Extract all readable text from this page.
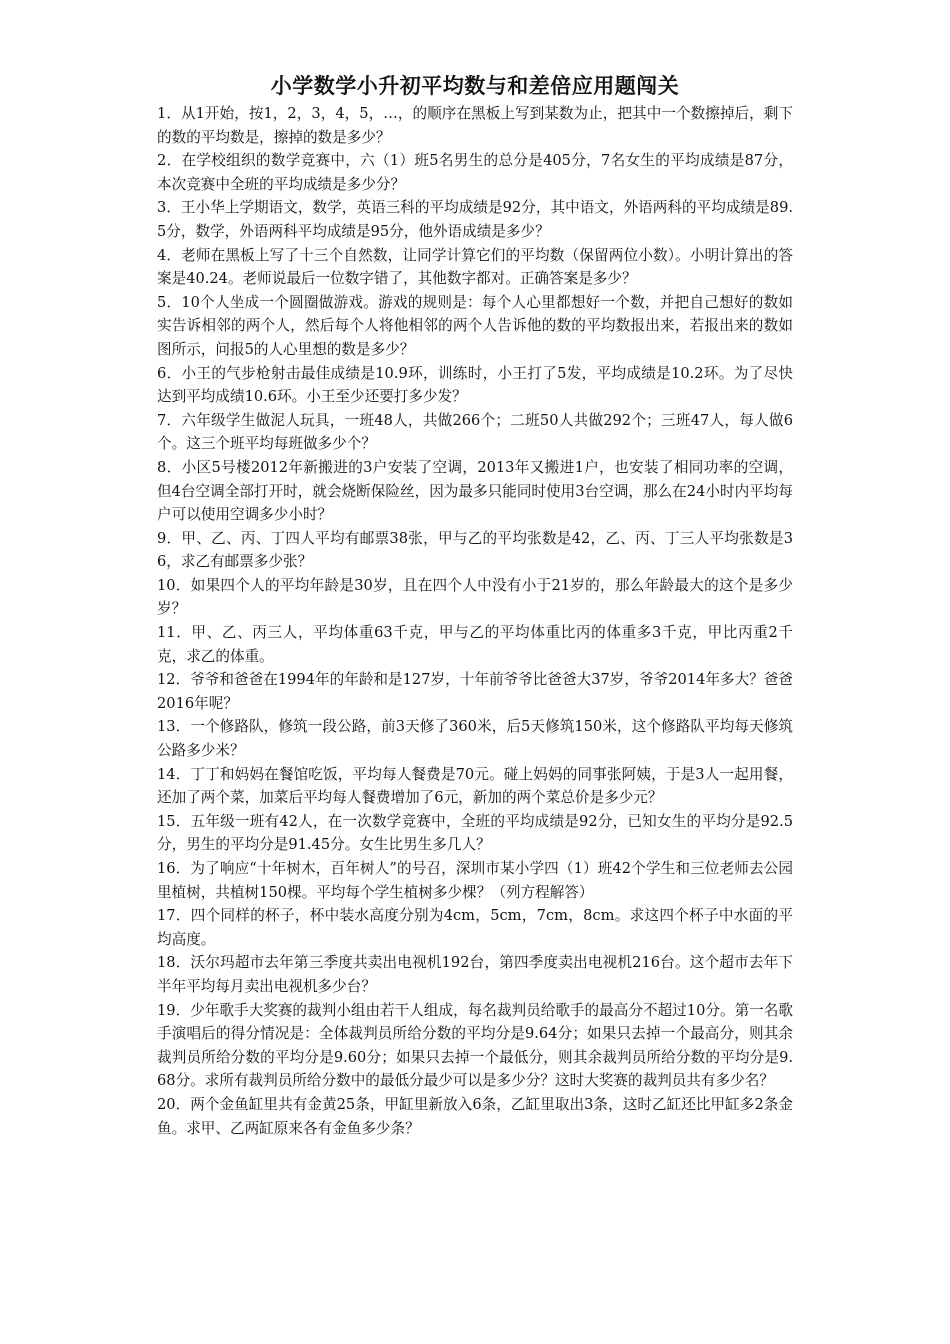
小学数学小升初平均数与和差倍应用题闯关

1．从1开始，按1，2，3，4，5，…，的顺序在黑板上写到某数为止，把其中一个数擦掉后，剩下的数的平均数是，擦掉的数是多少？

2．在学校组织的数学竞赛中，六（1）班5名男生的总分是405分，7名女生的平均成绩是87分，本次竞赛中全班的平均成绩是多少分？

3．王小华上学期语文，数学，英语三科的平均成绩是92分，其中语文，外语两科的平均成绩是89.5分，数学，外语两科平均成绩是95分，他外语成绩是多少？

4．老师在黑板上写了十三个自然数，让同学计算它们的平均数（保留两位小数）。小明计算出的答案是40.24。老师说最后一位数字错了，其他数字都对。正确答案是多少？

5．10个人坐成一个圆圈做游戏。游戏的规则是：每个人心里都想好一个数，并把自己想好的数如实告诉相邻的两个人，然后每个人将他相邻的两个人告诉他的数的平均数报出来，若报出来的数如图所示，问报5的人心里想的数是多少？

6．小王的气步枪射击最佳成绩是10.9环，训练时，小王打了5发，平均成绩是10.2环。为了尽快达到平均成绩10.6环。小王至少还要打多少发？

7．六年级学生做泥人玩具，一班48人，共做266个；二班50人共做292个；三班47人，每人做6个。这三个班平均每班做多少个？

8．小区5号楼2012年新搬进的3户安装了空调，2013年又搬进1户，也安装了相同功率的空调，但4台空调全部打开时，就会烧断保险丝，因为最多只能同时使用3台空调，那么在24小时内平均每户可以使用空调多少小时？

9．甲、乙、丙、丁四人平均有邮票38张，甲与乙的平均张数是42，乙、丙、丁三人平均张数是36，求乙有邮票多少张？

10．如果四个人的平均年龄是30岁，且在四个人中没有小于21岁的，那么年龄最大的这个是多少岁？

11．甲、乙、丙三人，平均体重63千克，甲与乙的平均体重比丙的体重多3千克，甲比丙重2千克，求乙的体重。

12．爷爷和爸爸在1994年的年龄和是127岁，十年前爷爷比爸爸大37岁，爷爷2014年多大？爸爸2016年呢？

13．一个修路队，修筑一段公路，前3天修了360米，后5天修筑150米，这个修路队平均每天修筑公路多少米？

14．丁丁和妈妈在餐馆吃饭，平均每人餐费是70元。碰上妈妈的同事张阿姨，于是3人一起用餐，还加了两个菜，加菜后平均每人餐费增加了6元，新加的两个菜总价是多少元？

15．五年级一班有42人，在一次数学竞赛中，全班的平均成绩是92分，已知女生的平均分是92.5分，男生的平均分是91.45分。女生比男生多几人？

16．为了响应“十年树木，百年树人”的号召，深圳市某小学四（1）班42个学生和三位老师去公园里植树，共植树150棵。平均每个学生植树多少棵？（列方程解答）

17．四个同样的杯子，杯中装水高度分别为4cm，5cm，7cm，8cm。求这四个杯子中水面的平均高度。

18．沃尔玛超市去年第三季度共卖出电视机192台，第四季度卖出电视机216台。这个超市去年下半年平均每月卖出电视机多少台？

19．少年歌手大奖赛的裁判小组由若干人组成，每名裁判员给歌手的最高分不超过10分。第一名歌手演唱后的得分情况是：全体裁判员所给分数的平均分是9.64分；如果只去掉一个最高分，则其余裁判员所给分数的平均分是9.60分；如果只去掉一个最低分，则其余裁判员所给分数的平均分是9.68分。求所有裁判员所给分数中的最低分最少可以是多少分？这时大奖赛的裁判员共有多少名？

20．两个金鱼缸里共有金黄25条，甲缸里新放入6条，乙缸里取出3条，这时乙缸还比甲缸多2条金鱼。求甲、乙两缸原来各有金鱼多少条？
